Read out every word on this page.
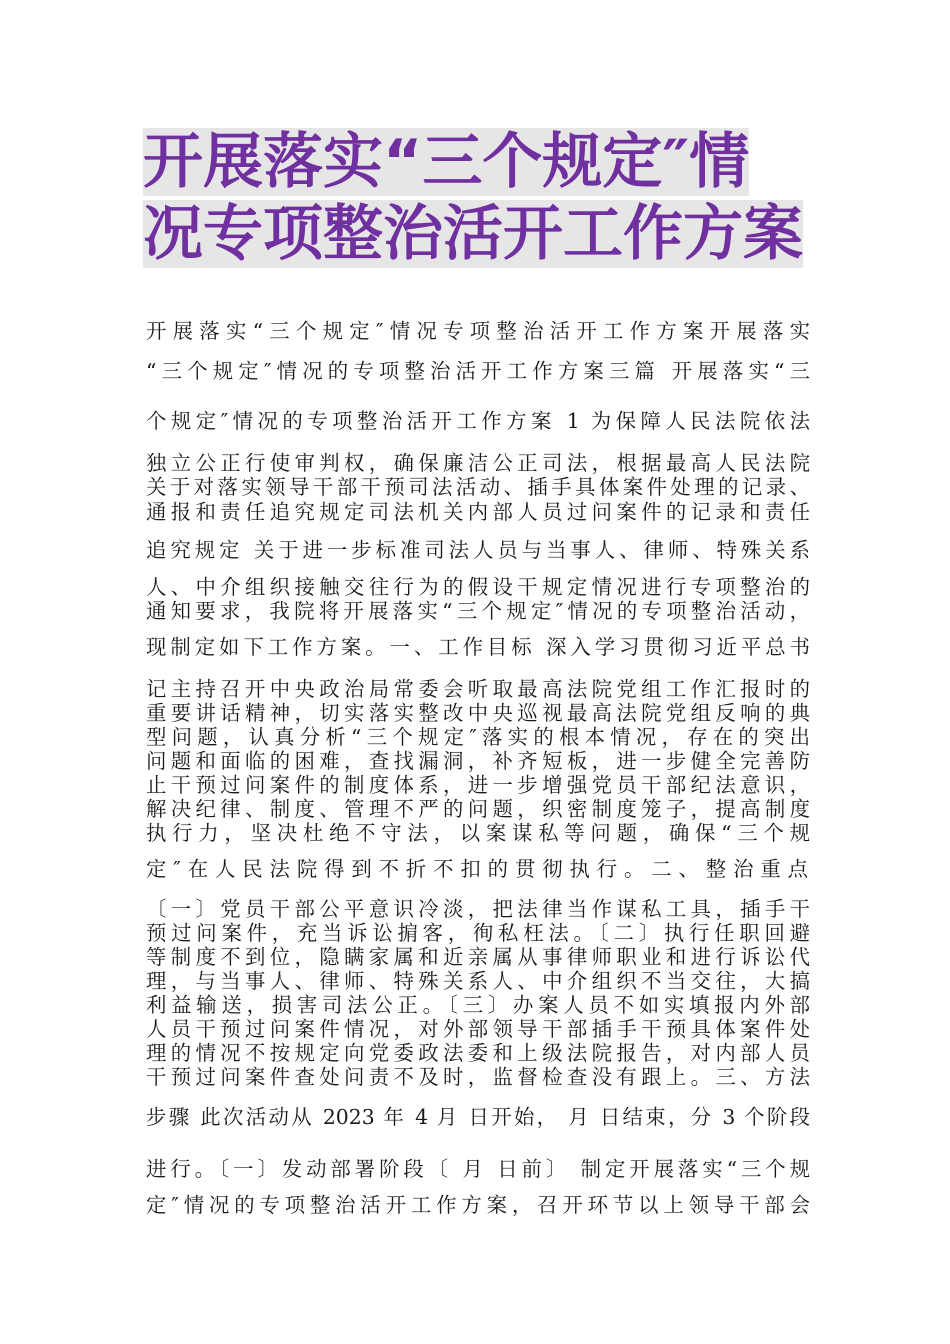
开展落实“三个规定″情
况专项整治活开工作方案
开展落实“三个规定″情况专项整治活开工作方案开展落实
“三个规定″情况的专项整治活开工作方案三篇 开展落实“三
个规定″情况的专项整治活开工作方案 1 为保障人民法院依法
独立公正行使审判权，确保廉洁公正司法，根据最高人民法院
关于对落实领导干部干预司法活动、插手具体案件处理的记录、
通报和责任追究规定司法机关内部人员过问案件的记录和责任
追究规定 关于进一步标准司法人员与当事人、律师、特殊关系
人、中介组织接触交往行为的假设干规定情况进行专项整治的
通知要求，我院将开展落实“三个规定″情况的专项整治活动，
现制定如下工作方案。一、工作目标 深入学习贯彻习近平总书
记主持召开中央政治局常委会听取最高法院党组工作汇报时的
重要讲话精神，切实落实整改中央巡视最高法院党组反响的典
型问题，认真分析“三个规定″落实的根本情况，存在的突出
问题和面临的困难，查找漏洞，补齐短板，进一步健全完善防
止干预过问案件的制度体系，进一步增强党员干部纪法意识，
解决纪律、制度、管理不严的问题，织密制度笼子，提高制度
执行力，坚决杜绝不守法，以案谋私等问题，确保“三个规
定″在人民法院得到不折不扣的贯彻执行。二、整治重点
〔一〕党员干部公平意识冷淡，把法律当作谋私工具，插手干
预过问案件，充当诉讼掮客，徇私枉法。〔二〕执行任职回避
等制度不到位，隐瞒家属和近亲属从事律师职业和进行诉讼代
理，与当事人、律师、特殊关系人、中介组织不当交往，大搞
利益输送，损害司法公正。〔三〕办案人员不如实填报内外部
人员干预过问案件情况，对外部领导干部插手干预具体案件处
理的情况不按规定向党委政法委和上级法院报告，对内部人员
干预过问案件查处问责不及时，监督检查没有跟上。三、方法
步骤 此次活动从 2023 年 4 月 日开始， 月 日结束，分 3 个阶段
进行。〔一〕发动部署阶段〔 月 日前〕 制定开展落实“三个规
定″情况的专项整治活开工作方案，召开环节以上领导干部会
